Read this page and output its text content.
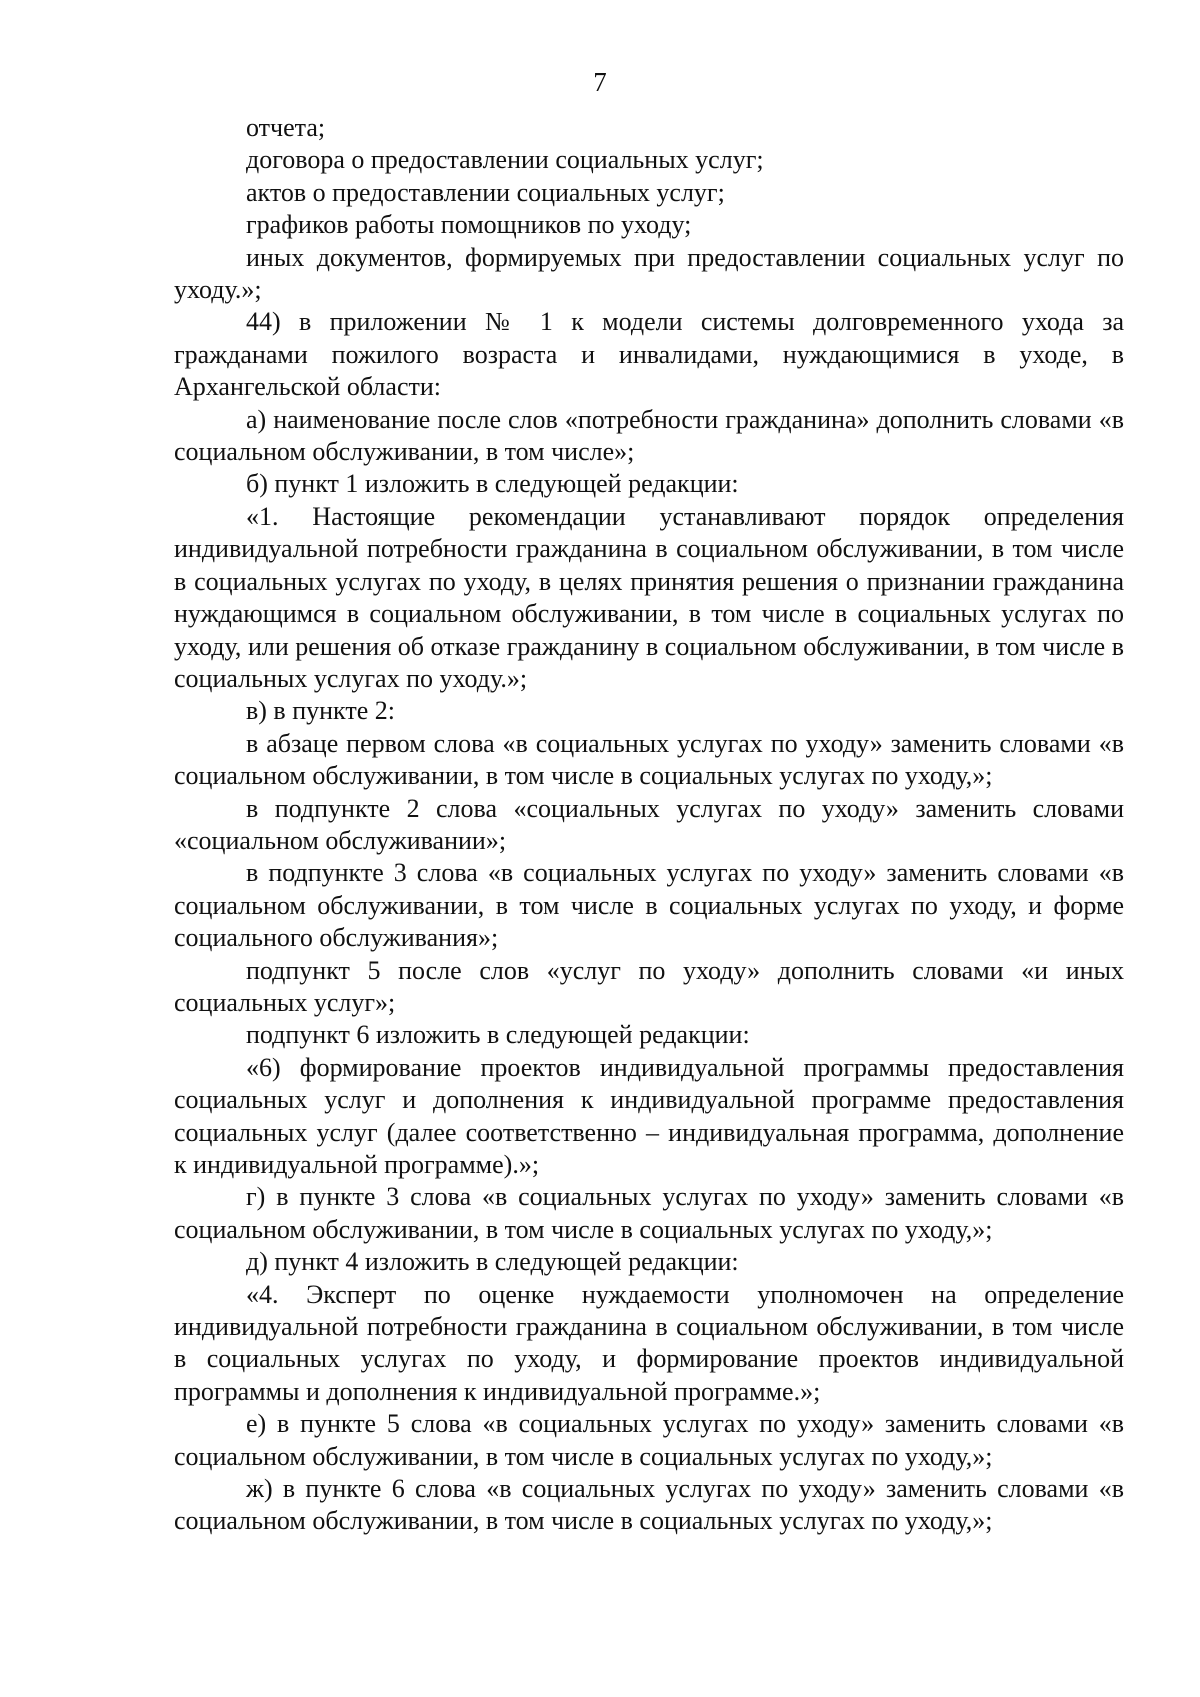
7

отчета;

договора о предоставлении социальных услуг;

актов о предоставлении социальных услуг;

графиков работы помощников по уходу;

иных документов, формируемых при предоставлении социальных услуг по уходу.»;

44) в приложении № 1 к модели системы долговременного ухода за гражданами пожилого возраста и инвалидами, нуждающимися в уходе, в Архангельской области:

а) наименование после слов «потребности гражданина» дополнить словами «в социальном обслуживании, в том числе»;

б) пункт 1 изложить в следующей редакции:

«1. Настоящие рекомендации устанавливают порядок определения индивидуальной потребности гражданина в социальном обслуживании, в том числе в социальных услугах по уходу, в целях принятия решения о признании гражданина нуждающимся в социальном обслуживании, в том числе в социальных услугах по уходу, или решения об отказе гражданину в социальном обслуживании, в том числе в социальных услугах по уходу.»;

в) в пункте 2:

в абзаце первом слова «в социальных услугах по уходу» заменить словами «в социальном обслуживании, в том числе в социальных услугах по уходу,»;

в подпункте 2 слова «социальных услугах по уходу» заменить словами «социальном обслуживании»;

в подпункте 3 слова «в социальных услугах по уходу» заменить словами «в социальном обслуживании, в том числе в социальных услугах по уходу, и форме социального обслуживания»;

подпункт 5 после слов «услуг по уходу» дополнить словами «и иных социальных услуг»;

подпункт 6 изложить в следующей редакции:

«6) формирование проектов индивидуальной программы предоставления социальных услуг и дополнения к индивидуальной программе предоставления социальных услуг (далее соответственно – индивидуальная программа, дополнение к индивидуальной программе).»;

г) в пункте 3 слова «в социальных услугах по уходу» заменить словами «в социальном обслуживании, в том числе в социальных услугах по уходу,»;

д) пункт 4 изложить в следующей редакции:

«4. Эксперт по оценке нуждаемости уполномочен на определение индивидуальной потребности гражданина в социальном обслуживании, в том числе в социальных услугах по уходу, и формирование проектов индивидуальной программы и дополнения к индивидуальной программе.»;

е) в пункте 5 слова «в социальных услугах по уходу» заменить словами «в социальном обслуживании, в том числе в социальных услугах по уходу,»;

ж) в пункте 6 слова «в социальных услугах по уходу» заменить словами «в социальном обслуживании, в том числе в социальных услугах по уходу,»;
